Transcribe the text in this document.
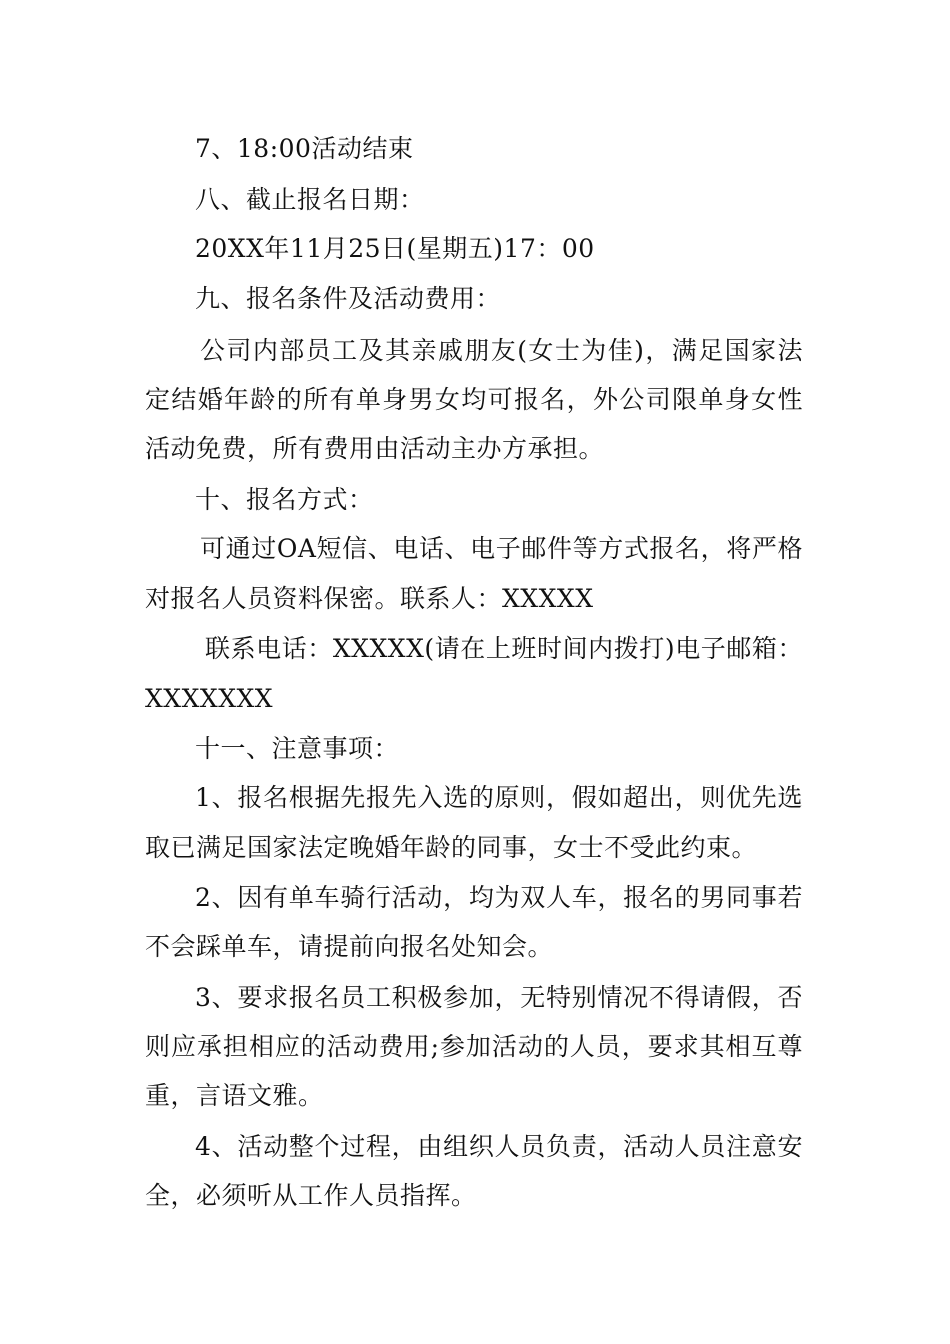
7、18:00活动结束
八、截止报名日期：
20XX年11月25日(星期五)17：00
九、报名条件及活动费用：
公司内部员工及其亲戚朋友(女士为佳)，满足国家法
定结婚年龄的所有单身男女均可报名，外公司限单身女性
活动免费，所有费用由活动主办方承担。
十、报名方式：
可通过OA短信、电话、电子邮件等方式报名，将严格
对报名人员资料保密。联系人：XXXXX
联系电话：XXXXX(请在上班时间内拨打)电子邮箱：
XXXXXXX
十一、注意事项：
1、报名根据先报先入选的原则，假如超出，则优先选
取已满足国家法定晚婚年龄的同事，女士不受此约束。
2、因有单车骑行活动，均为双人车，报名的男同事若
不会踩单车，请提前向报名处知会。
3、要求报名员工积极参加，无特别情况不得请假，否
则应承担相应的活动费用;参加活动的人员，要求其相互尊
重，言语文雅。
4、活动整个过程，由组织人员负责，活动人员注意安
全，必须听从工作人员指挥。
